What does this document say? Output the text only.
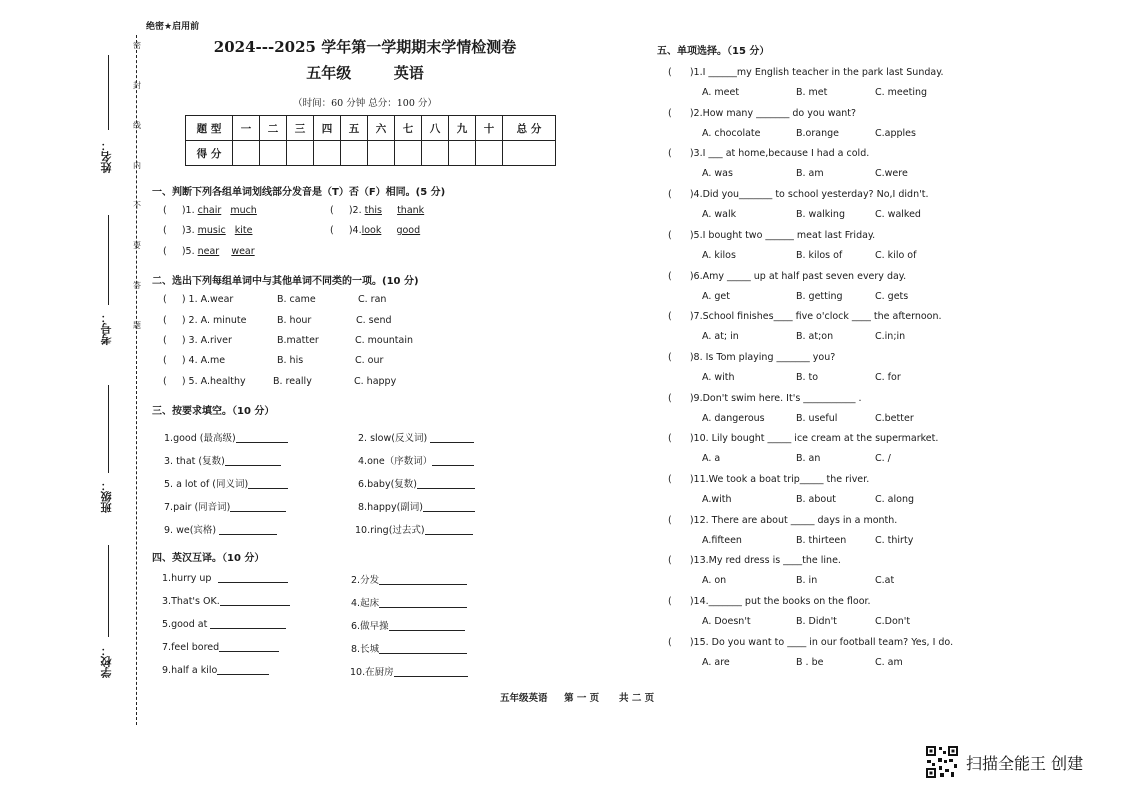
密
封
线
内
不
要
答
题
姓名：
考号：
班级：
学校：
绝密★启用前
2024---2025 学年第一学期期末学情检测卷
五年级	英语
（时间：60 分钟 总分：100 分）
题 型	一	二	三	四	五	六	七	八	九	十	总 分
得 分											
一、判断下列各组单词划线部分发音是（T）否（F）相同。(5 分)
(     )1. chair much	(     )2. this thank
(     )3. music kite	(     )4.look good
(     )5. near wear
二、选出下列每组单词中与其他单词不同类的一项。(10 分)
(     ) 1. A.wear	B. came	C. ran
(     ) 2. A. minute	B. hour	C. send
(     ) 3. A.river	B.matter	C. mountain
(     ) 4. A.me	B. his	C. our
(     ) 5. A.healthy	B. really	C. happy
三、按要求填空。（10 分）
1.good (最高级)	2. slow(反义词)
3. that (复数)	4.one（序数词）
5. a lot of (同义词)	6.baby(复数)
7.pair (同音词)	8.happy(副词)
9. we(宾格)	10.ring(过去式)
四、英汉互译。（10 分）
1.hurry up	2.分发
3.That's OK.	4.起床
5.good at	6.做早操
7.feel bored	8.长城
9.half a kilo	10.在厨房
五、单项选择。（15 分）
(      )1.I ______my English teacher in the park last Sunday.
A. meet	B. met	C. meeting
(      )2.How many _______ do you want?
A. chocolate	B.orange	C.apples
(      )3.I ___ at home,because I had a cold.
A. was	B. am	C.were
(      )4.Did you_______ to school yesterday? No,I didn't.
A. walk	B. walking	C. walked
(      )5.I bought two ______ meat last Friday.
A. kilos	B. kilos of	C. kilo of
(      )6.Amy _____ up at half past seven every day.
A. get	B. getting	C. gets
(      )7.School finishes____ five o'clock ____ the afternoon.
A. at; in	B. at;on	C.in;in
(      )8. Is Tom playing _______ you?
A. with	B. to	C. for
(      )9.Don't swim here. It's ___________ .
A. dangerous	B. useful	C.better
(      )10. Lily bought _____ ice cream at the supermarket.
A. a	B. an	C. /
(      )11.We took a boat trip_____ the river.
A.with	B. about	C. along
(      )12. There are about _____ days in a month.
A.fifteen	B. thirteen	C. thirty
(      )13.My red dress is ____the line.
A. on	B. in	C.at
(      )14._______ put the books on the floor.
A. Doesn't	B. Didn't	C.Don't
(      )15. Do you want to ____ in our football team? Yes, I do.
A. are	B . be	C. am
五年级英语 第 一 页 共 二 页
扫描全能王 创建
